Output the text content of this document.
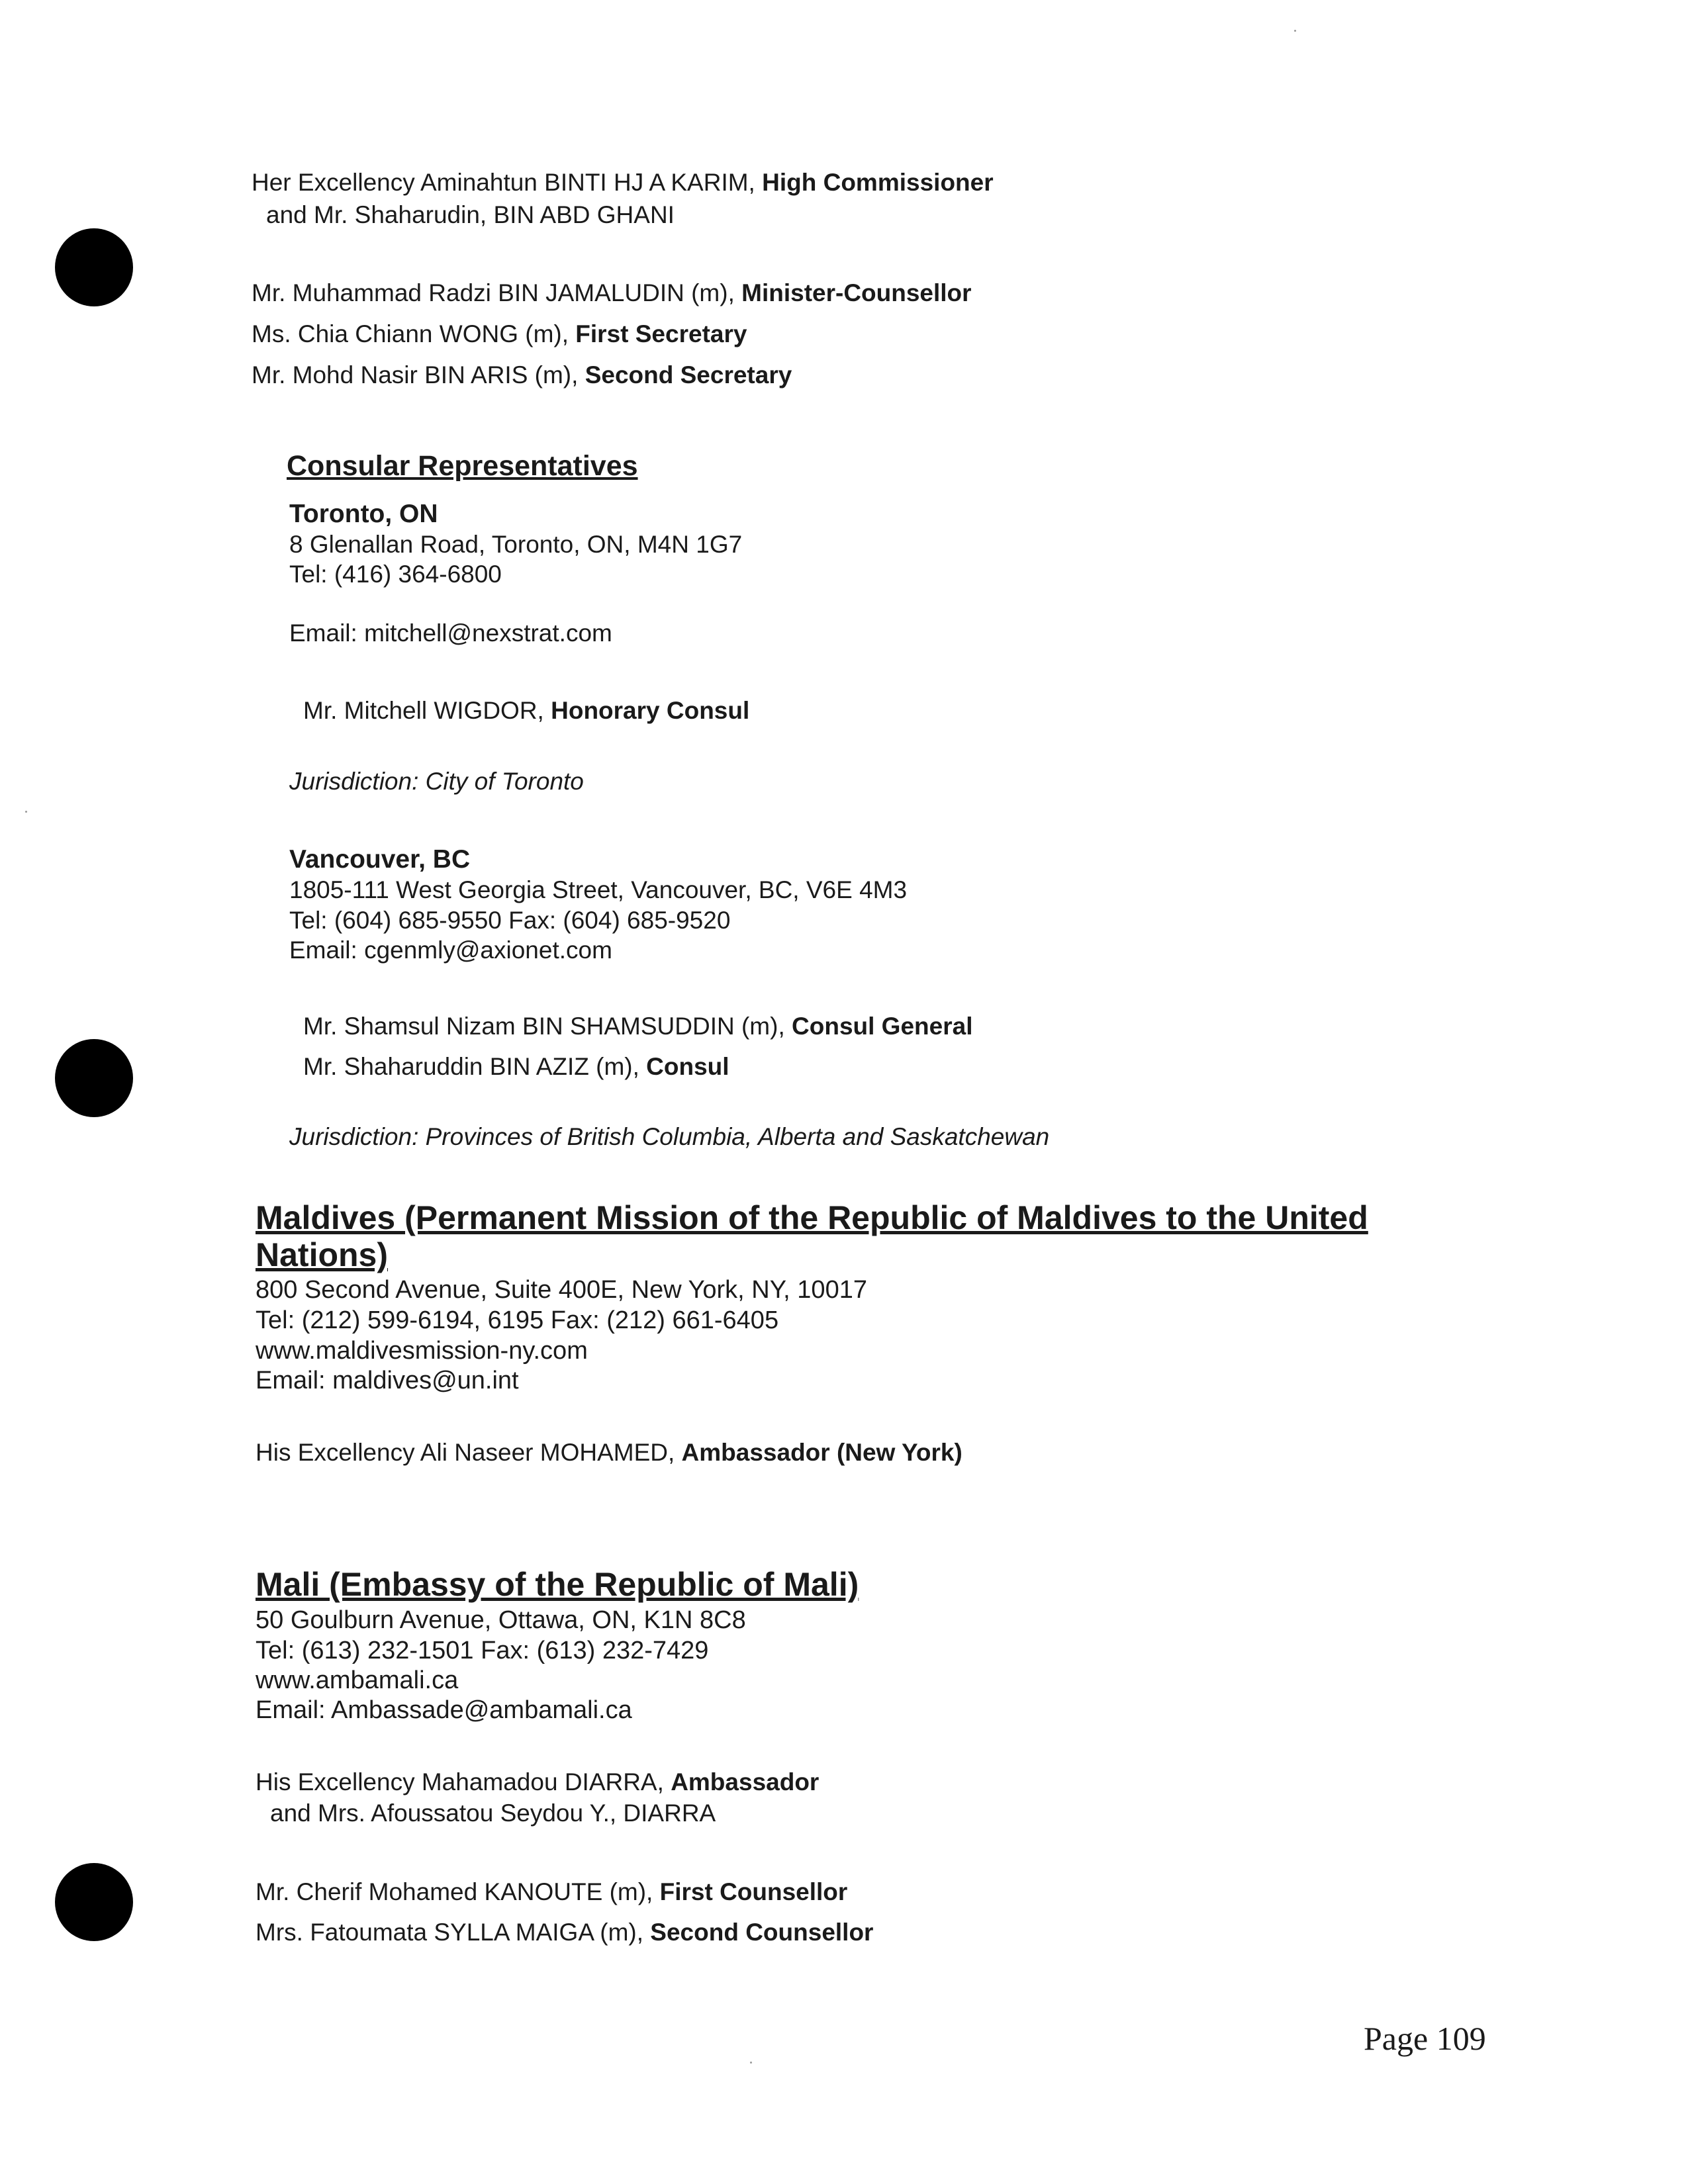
Her Excellency Aminahtun BINTI HJ A KARIM, High Commissioner
and Mr. Shaharudin, BIN ABD GHANI
Mr. Muhammad Radzi BIN JAMALUDIN (m), Minister-Counsellor
Ms. Chia Chiann WONG (m), First Secretary
Mr. Mohd Nasir BIN ARIS (m), Second Secretary
Consular Representatives
Toronto, ON
8 Glenallan Road, Toronto, ON, M4N 1G7
Tel: (416) 364-6800
Email: mitchell@nexstrat.com
Mr. Mitchell WIGDOR, Honorary Consul
Jurisdiction: City of Toronto
Vancouver, BC
1805-111 West Georgia Street, Vancouver, BC, V6E 4M3
Tel: (604) 685-9550 Fax: (604) 685-9520
Email: cgenmly@axionet.com
Mr. Shamsul Nizam BIN SHAMSUDDIN (m), Consul General
Mr. Shaharuddin BIN AZIZ (m), Consul
Jurisdiction: Provinces of British Columbia, Alberta and Saskatchewan
Maldives (Permanent Mission of the Republic of Maldives to the United
Nations)
800 Second Avenue, Suite 400E, New York, NY, 10017
Tel: (212) 599-6194, 6195 Fax: (212) 661-6405
www.maldivesmission-ny.com
Email: maldives@un.int
His Excellency Ali Naseer MOHAMED, Ambassador (New York)
Mali (Embassy of the Republic of Mali)
50 Goulburn Avenue, Ottawa, ON, K1N 8C8
Tel: (613) 232-1501 Fax: (613) 232-7429
www.ambamali.ca
Email: Ambassade@ambamali.ca
His Excellency Mahamadou DIARRA, Ambassador
and Mrs. Afoussatou Seydou Y., DIARRA
Mr. Cherif Mohamed KANOUTE (m), First Counsellor
Mrs. Fatoumata SYLLA MAIGA (m), Second Counsellor
Page 109
